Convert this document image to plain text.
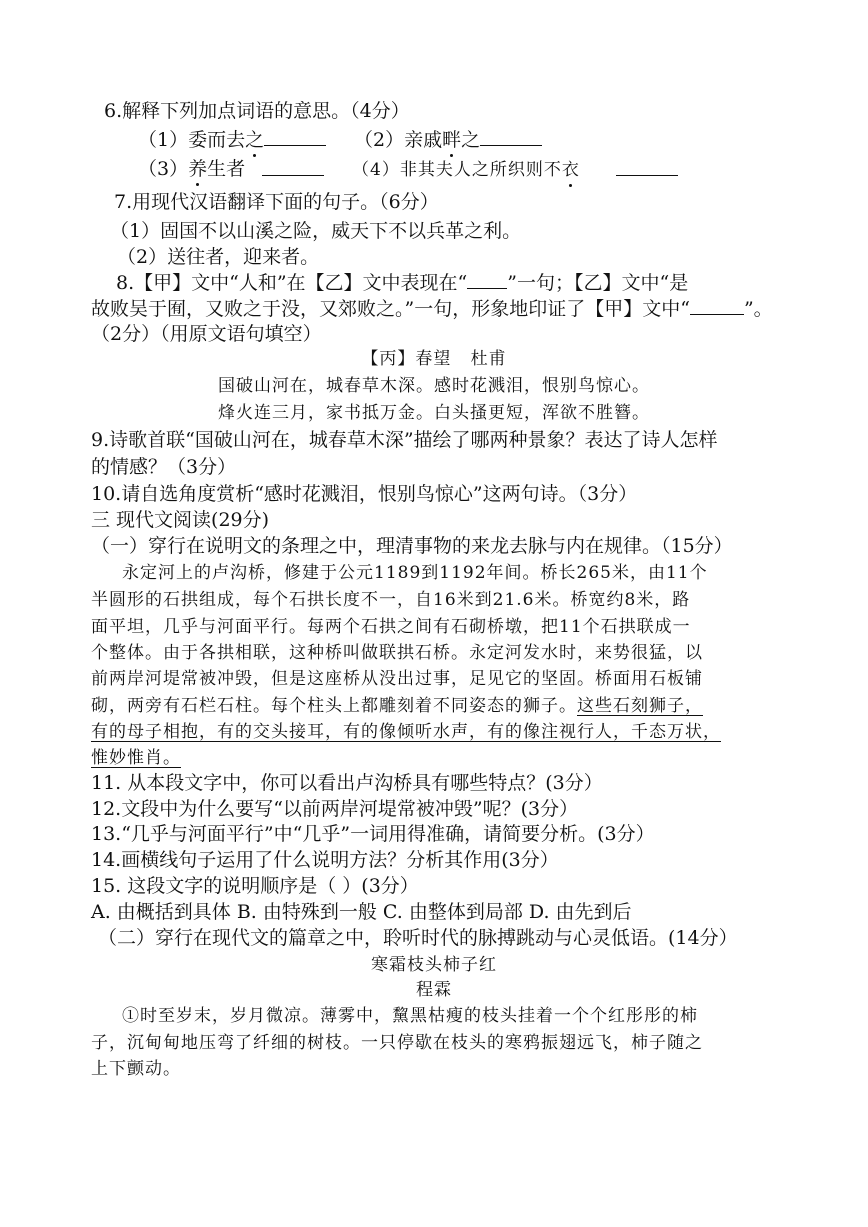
6.解释下列加点词语的意思。（4分）
（1）委而去之	（2）亲戚畔之
（3）养生者	（4）非其夫人之所织则不衣
7.用现代汉语翻译下面的句子。（6分）
（1）固国不以山溪之险，威天下不以兵革之利。
（2）送往者，迎来者。
8.【甲】文中“人和”在【乙】文中表现在“ ”一句；【乙】文中“是
故败吴于囿，又败之于没，又郊败之。”一句，形象地印证了【甲】文中“	”。
（2分）（用原文语句填空）
【丙】春望 杜甫
国破山河在，城春草木深。感时花溅泪，恨别鸟惊心。
烽火连三月，家书抵万金。白头搔更短，浑欲不胜簪。
9.诗歌首联“国破山河在，城春草木深”描绘了哪两种景象？表达了诗人怎样
的情感？（3分）
10.请自选角度赏析“感时花溅泪，恨别鸟惊心”这两句诗。（3分）
三 现代文阅读(29分)
（一）穿行在说明文的条理之中，理清事物的来龙去脉与内在规律。（15分）
永定河上的卢沟桥，修建于公元1189到1192年间。桥长265米，由11个
半圆形的石拱组成，每个石拱长度不一，自16米到21.6米。桥宽约8米，路
面平坦，几乎与河面平行。每两个石拱之间有石砌桥墩，把11个石拱联成一
个整体。由于各拱相联，这种桥叫做联拱石桥。永定河发水时，来势很猛，以
前两岸河堤常被冲毁，但是这座桥从没出过事，足见它的坚固。桥面用石板铺
砌，两旁有石栏石柱。每个柱头上都雕刻着不同姿态的狮子。这些石刻狮子，
有的母子相抱，有的交头接耳，有的像倾听水声，有的像注视行人，千态万状，
惟妙惟肖。
11. 从本段文字中，你可以看出卢沟桥具有哪些特点？(3分）
12.文段中为什么要写“以前两岸河堤常被冲毁”呢？(3分）
13.“几乎与河面平行”中“几乎”一词用得准确，请简要分析。(3分）
14.画横线句子运用了什么说明方法？分析其作用(3分）
15. 这段文字的说明顺序是（ ）(3分）
A. 由概括到具体 B. 由特殊到一般 C. 由整体到局部 D. 由先到后
（二）穿行在现代文的篇章之中，聆听时代的脉搏跳动与心灵低语。(14分）
寒霜枝头柿子红
程霖
①时至岁末，岁月微凉。薄雾中，黧黑枯瘦的枝头挂着一个个红彤彤的柿
子，沉甸甸地压弯了纤细的树枝。一只停歇在枝头的寒鸦振翅远飞，柿子随之
上下颤动。
